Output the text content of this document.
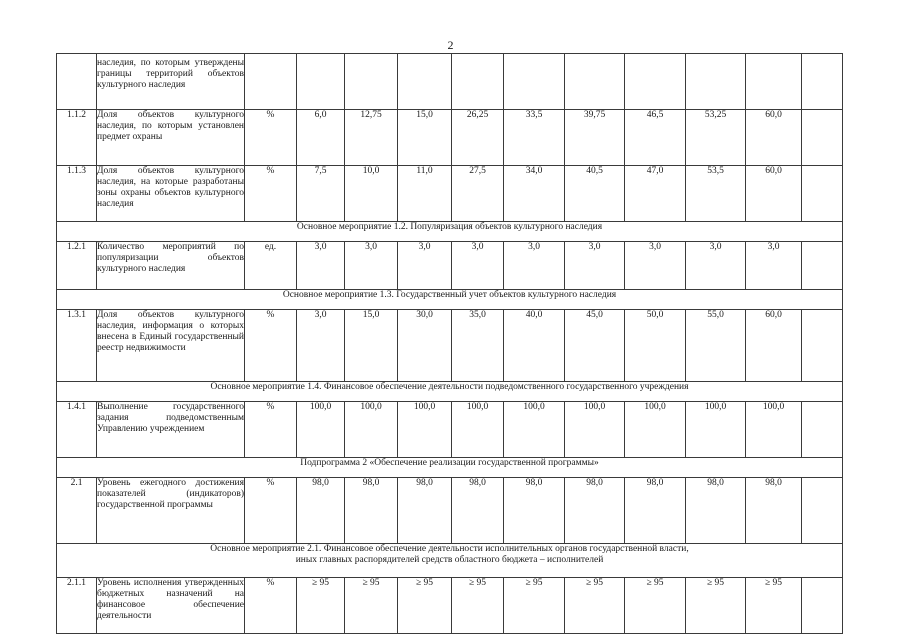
2
	наследия, по которым утверждены границы территорий объектов культурного наследия											
1.1.2	Доля объектов культурного наследия, по которым установлен предмет охраны	%	6,0	12,75	15,0	26,25	33,5	39,75	46,5	53,25	60,0	
1.1.3	Доля объектов культурного наследия, на которые разработаны зоны охраны объектов культурного наследия	%	7,5	10,0	11,0	27,5	34,0	40,5	47,0	53,5	60,0	
Основное мероприятие 1.2. Популяризация объектов культурного наследия												
1.2.1	Количество мероприятий по популяризации объектов культурного наследия	ед.	3,0	3,0	3,0	3,0	3,0	3,0	3,0	3,0	3,0	
Основное мероприятие 1.3. Государственный учет объектов культурного наследия												
1.3.1	Доля объектов культурного наследия, информация о которых внесена в Единый государственный реестр недвижимости	%	3,0	15,0	30,0	35,0	40,0	45,0	50,0	55,0	60,0	
Основное мероприятие 1.4. Финансовое обеспечение деятельности подведомственного государственного учреждения												
1.4.1	Выполнение государственного задания подведомственным Управлению учреждением	%	100,0	100,0	100,0	100,0	100,0	100,0	100,0	100,0	100,0	
Подпрограмма 2 «Обеспечение реализации государственной программы»												
2.1	Уровень ежегодного достижения показателей (индикаторов) государственной программы	%	98,0	98,0	98,0	98,0	98,0	98,0	98,0	98,0	98,0	
Основное мероприятие 2.1. Финансовое обеспечение деятельности исполнительных органов государственной власти,
иных главных распорядителей средств областного бюджета – исполнителей												
2.1.1	Уровень исполнения утвержденных бюджетных назначений на финансовое обеспечение деятельности	%	≥ 95	≥ 95	≥ 95	≥ 95	≥ 95	≥ 95	≥ 95	≥ 95	≥ 95	
